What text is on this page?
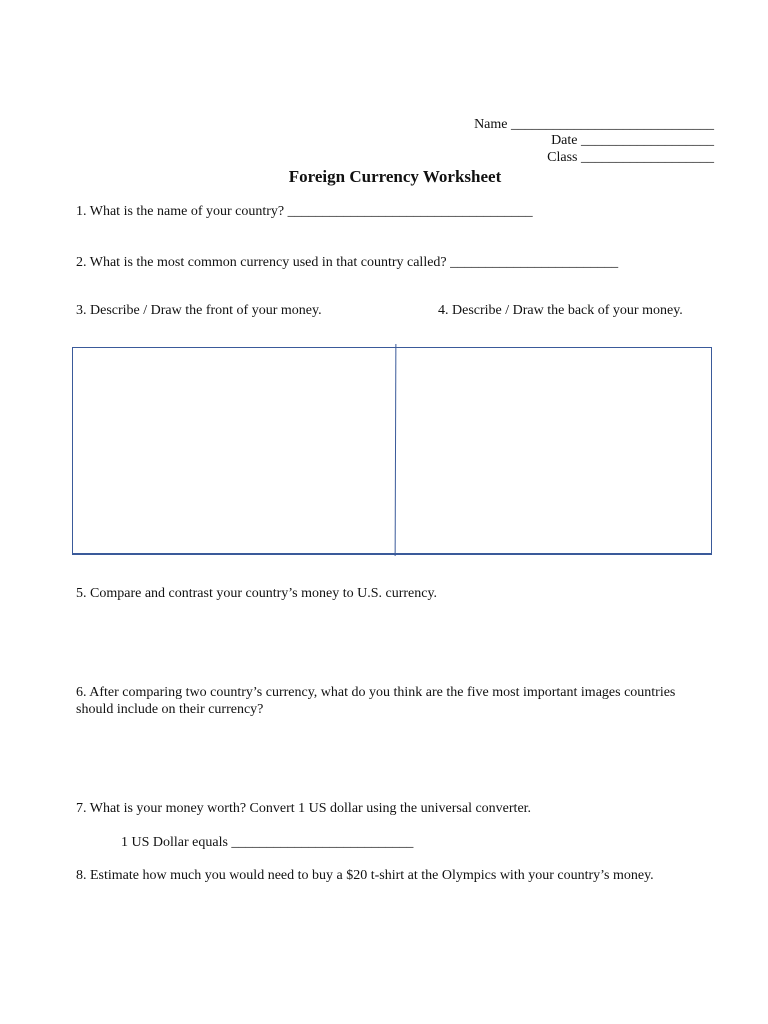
Name _____________________________
Date ___________________
Class ___________________
Foreign Currency Worksheet
1. What is the name of your country? ___________________________________
2. What is the most common currency used in that country called? ________________________
3. Describe / Draw the front of your money.	4. Describe / Draw the back of your money.
5. Compare and contrast your country’s money to U.S. currency.
6. After comparing two country’s currency, what do you think are the five most important images countries should include on their currency?
7. What is your money worth? Convert 1 US dollar using the universal converter.
1 US Dollar equals __________________________
8. Estimate how much you would need to buy a $20 t-shirt at the Olympics with your country’s money.
